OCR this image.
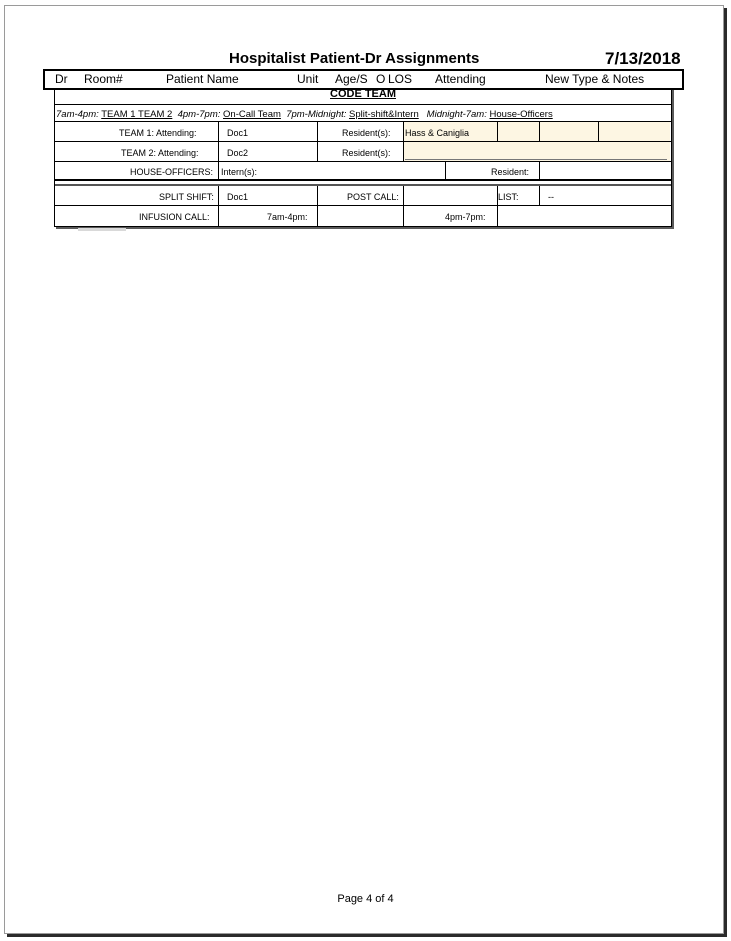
Hospitalist Patient-Dr Assignments	7/13/2018
Dr Room#	Patient Name	Unit Age/S O LOS Attending	New Type & Notes
CODE TEAM
7am-4pm: TEAM 1 TEAM 2 4pm-7pm: On-Call Team 7pm-Midnight: Split-shift&Intern Midnight-7am: House-Officers
TEAM 1: Attending:	Doc1	Resident(s): Hass & Caniglia
TEAM 2: Attending:	Doc2	Resident(s):
HOUSE-OFFICERS: Intern(s):	Resident:
SPLIT SHIFT: Doc1	POST CALL:	LIST:	--
INFUSION CALL:	7am-4pm:	4pm-7pm:
Page 4 of 4
